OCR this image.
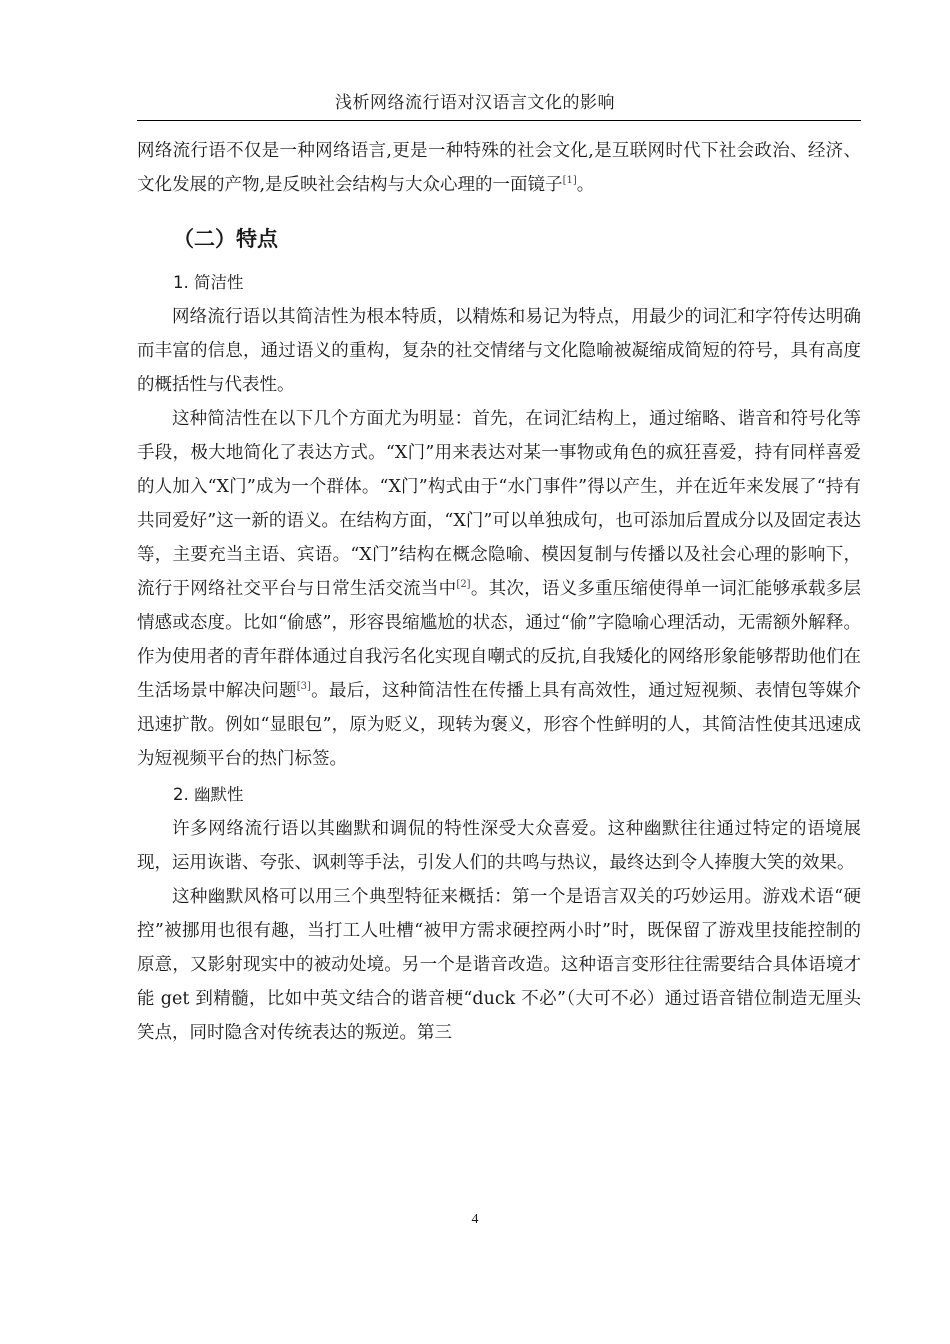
浅析网络流行语对汉语言文化的影响

网络流行语不仅是一种网络语言,更是一种特殊的社会文化,是互联网时代下社会政治、经济、文化发展的产物,是反映社会结构与大众心理的一面镜子[1]。

（二）特点
1. 简洁性

网络流行语以其简洁性为根本特质，以精炼和易记为特点，用最少的词汇和字符传达明确而丰富的信息，通过语义的重构，复杂的社交情绪与文化隐喻被凝缩成简短的符号，具有高度的概括性与代表性。

这种简洁性在以下几个方面尤为明显：首先，在词汇结构上，通过缩略、谐音和符号化等手段，极大地简化了表达方式。“X门”用来表达对某一事物或角色的疯狂喜爱，持有同样喜爱的人加入“X门”成为一个群体。“X门”构式由于“水门事件”得以产生，并在近年来发展了“持有共同爱好”这一新的语义。在结构方面，“X门”可以单独成句，也可添加后置成分以及固定表达等，主要充当主语、宾语。“X门”结构在概念隐喻、模因复制与传播以及社会心理的影响下，流行于网络社交平台与日常生活交流当中[2]。其次，语义多重压缩使得单一词汇能够承载多层情感或态度。比如“偷感”，形容畏缩尴尬的状态，通过“偷”字隐喻心理活动，无需额外解释。作为使用者的青年群体通过自我污名化实现自嘲式的反抗,自我矮化的网络形象能够帮助他们在生活场景中解决问题[3]。最后，这种简洁性在传播上具有高效性，通过短视频、表情包等媒介迅速扩散。例如“显眼包”，原为贬义，现转为褒义，形容个性鲜明的人，其简洁性使其迅速成为短视频平台的热门标签。

2. 幽默性

许多网络流行语以其幽默和调侃的特性深受大众喜爱。这种幽默往往通过特定的语境展现，运用诙谐、夸张、讽刺等手法，引发人们的共鸣与热议，最终达到令人捧腹大笑的效果。

这种幽默风格可以用三个典型特征来概括：第一个是语言双关的巧妙运用。游戏术语“硬控”被挪用也很有趣，当打工人吐槽“被甲方需求硬控两小时”时，既保留了游戏里技能控制的原意，又影射现实中的被动处境。另一个是谐音改造。这种语言变形往往需要结合具体语境才能 get 到精髓，比如中英文结合的谐音梗“duck 不必”（大可不必）通过语音错位制造无厘头笑点，同时隐含对传统表达的叛逆。第三

4
